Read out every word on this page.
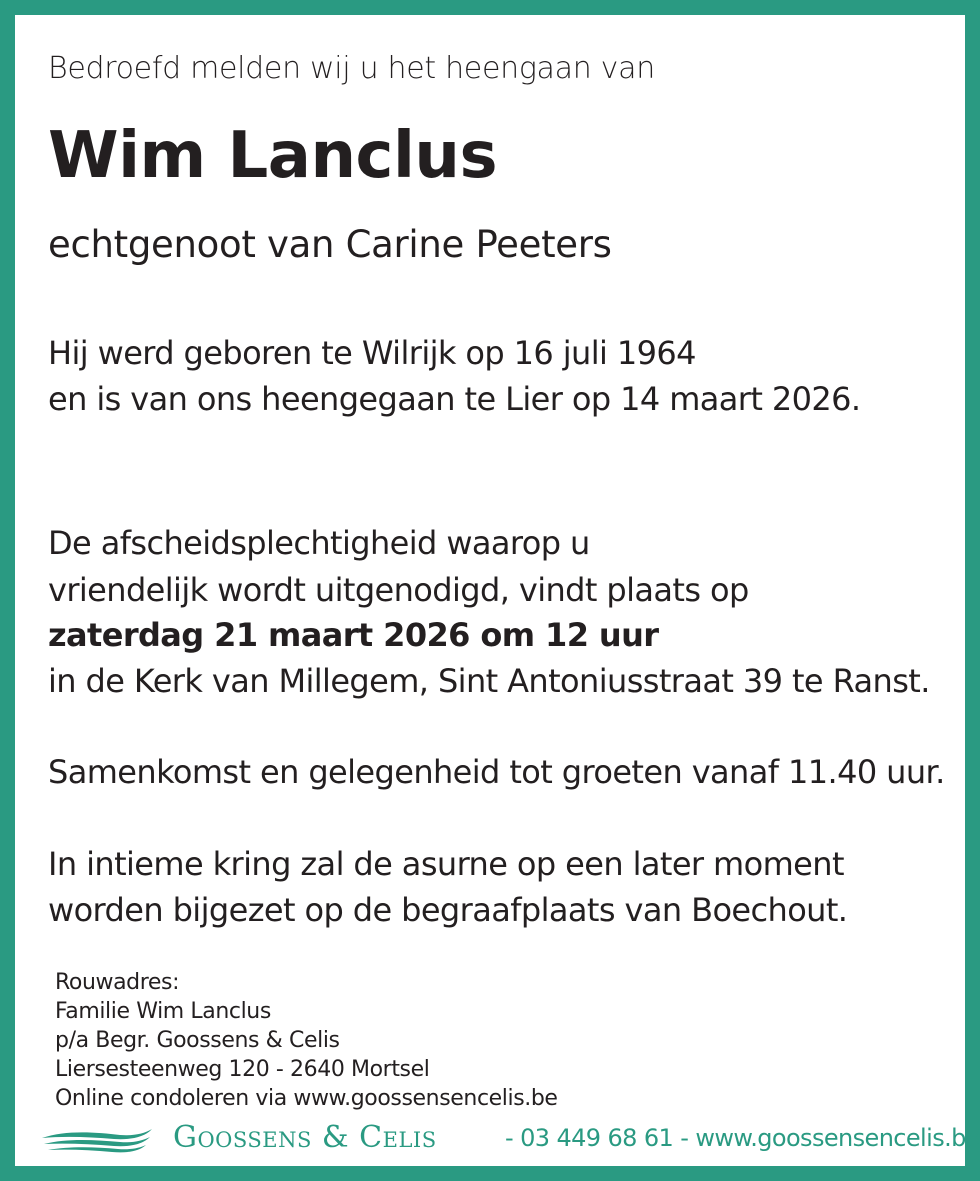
Bedroefd melden wij u het heengaan van

Wim Lanclus

echtgenoot van Carine Peeters

Hij werd geboren te Wilrijk op 16 juli 1964

en is van ons heengegaan te Lier op 14 maart 2026.

De afscheidsplechtigheid waarop u

vriendelijk wordt uitgenodigd, vindt plaats op

zaterdag 21 maart 2026 om 12 uur

in de Kerk van Millegem, Sint Antoniusstraat 39 te Ranst.

Samenkomst en gelegenheid tot groeten vanaf 11.40 uur.

In intieme kring zal de asurne op een later moment

worden bijgezet op de begraafplaats van Boechout.

Rouwadres:

Familie Wim Lanclus

p/a Begr. Goossens & Celis

Liersesteenweg 120 - 2640 Mortsel

Online condoleren via www.goossensencelis.be

Goossens & Celis	- 03 449 68 61 - www.goossensencelis.be
